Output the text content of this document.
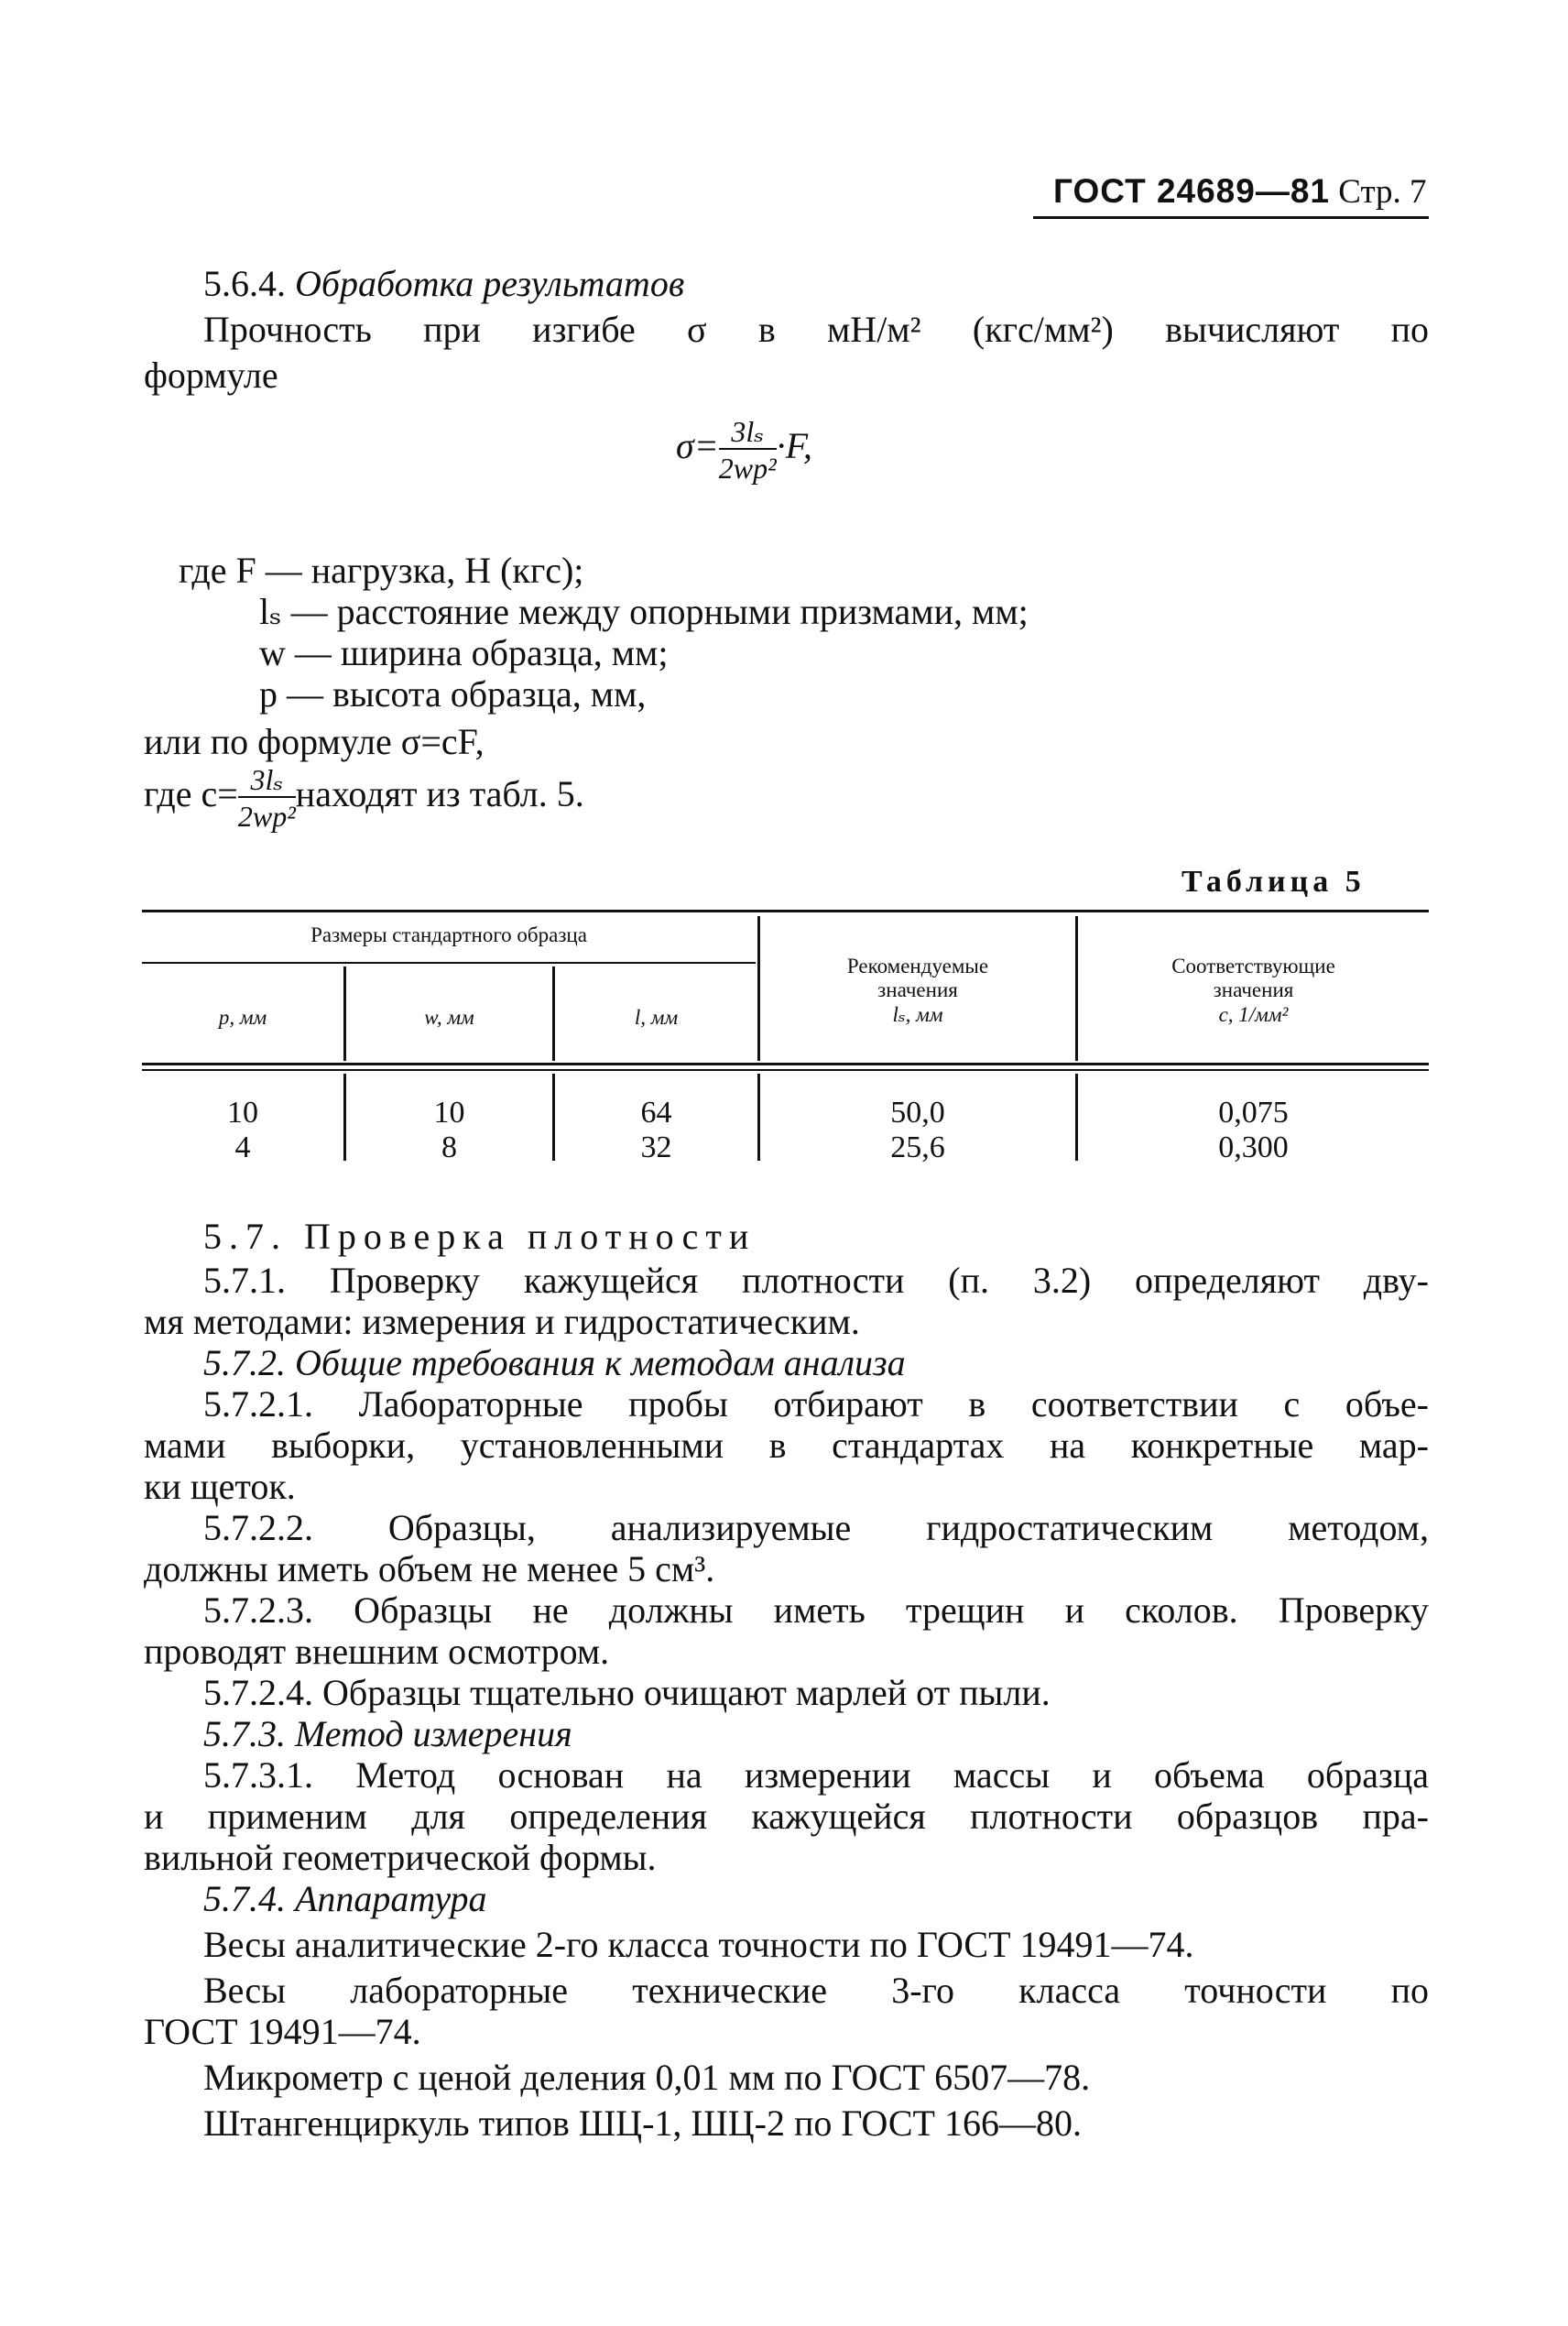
ГОСТ 24689—81 Стр. 7
5.6.4. Обработка результатов
Прочность при изгибе σ в мН/м² (кгс/мм²) вычисляют по
формуле
$\sigma= \frac{\text{3lₛ}}{\text{2wp²}} \cdot F$,
где F — нагрузка, Н (кгс);
lₛ — расстояние между опорными призмами, мм;
w — ширина образца, мм;
p — высота образца, мм,
или по формуле σ=cF,
где $c= \frac{\text{3lₛ}}{\text{2wp²}}$ находят из табл. 5.
Таблица 5
Размеры стандартного образца
p, мм	w, мм	l, мм
Рекомендуемые
значения
lₛ, мм
Соответствующие
значения
c, 1/мм²
10	10	64	50,0	0,075
4	8	32	25,6	0,300
5.7. Проверка плотности
5.7.1. Проверку кажущейся плотности (п. 3.2) определяют дву-
мя методами: измерения и гидростатическим.
5.7.2. Общие требования к методам анализа
5.7.2.1. Лабораторные пробы отбирают в соответствии с объе-
мами выборки, установленными в стандартах на конкретные мар-
ки щеток.
5.7.2.2. Образцы, анализируемые гидростатическим методом,
должны иметь объем не менее 5 см³.
5.7.2.3. Образцы не должны иметь трещин и сколов. Проверку
проводят внешним осмотром.
5.7.2.4. Образцы тщательно очищают марлей от пыли.
5.7.3. Метод измерения
5.7.3.1. Метод основан на измерении массы и объема образца
и применим для определения кажущейся плотности образцов пра-
вильной геометрической формы.
5.7.4. Аппаратура
Весы аналитические 2-го класса точности по ГОСТ 19491—74.
Весы лабораторные технические 3-го класса точности по
ГОСТ 19491—74.
Микрометр с ценой деления 0,01 мм по ГОСТ 6507—78.
Штангенциркуль типов ШЦ-1, ШЦ-2 по ГОСТ 166—80.
